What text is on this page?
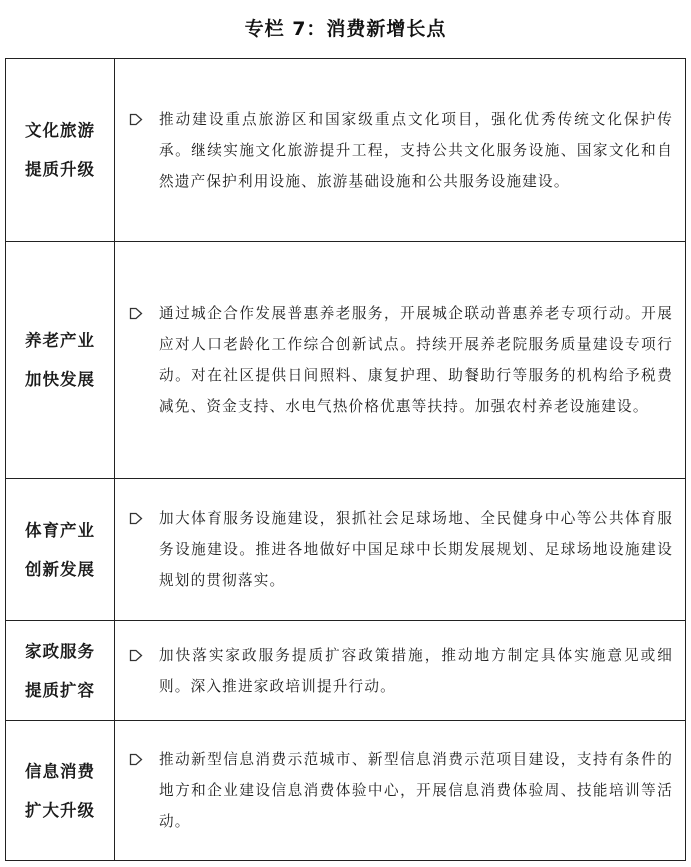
专栏 7：消费新增长点
文化旅游
提质升级	推动建设重点旅游区和国家级重点文化项目，强化优秀传统文化保护传承。继续实施文化旅游提升工程，支持公共文化服务设施、国家文化和自然遗产保护利用设施、旅游基础设施和公共服务设施建设。

养老产业
加快发展	通过城企合作发展普惠养老服务，开展城企联动普惠养老专项行动。开展应对人口老龄化工作综合创新试点。持续开展养老院服务质量建设专项行动。对在社区提供日间照料、康复护理、助餐助行等服务的机构给予税费减免、资金支持、水电气热价格优惠等扶持。加强农村养老设施建设。

体育产业
创新发展	加大体育服务设施建设，狠抓社会足球场地、全民健身中心等公共体育服务设施建设。推进各地做好中国足球中长期发展规划、足球场地设施建设规划的贯彻落实。

家政服务
提质扩容	加快落实家政服务提质扩容政策措施，推动地方制定具体实施意见或细则。深入推进家政培训提升行动。

信息消费
扩大升级	推动新型信息消费示范城市、新型信息消费示范项目建设，支持有条件的地方和企业建设信息消费体验中心，开展信息消费体验周、技能培训等活动。
